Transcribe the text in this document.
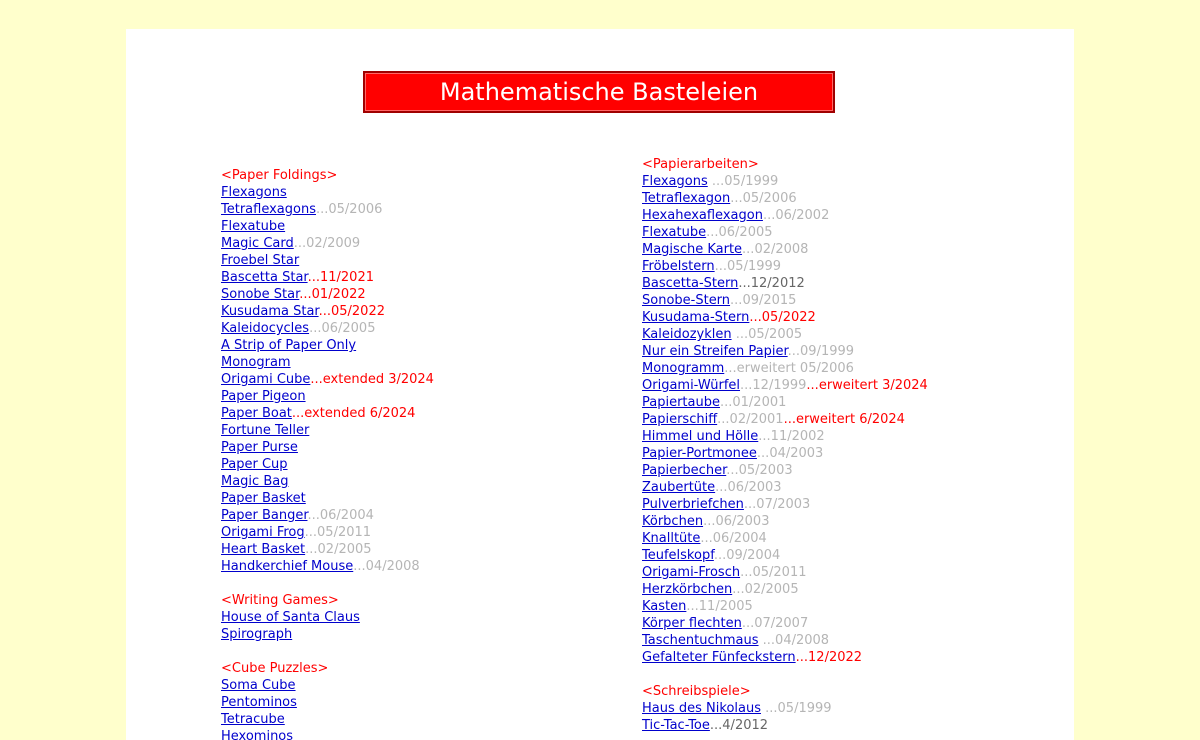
Mathematische Basteleien
<Paper Foldings>
Flexagons
Tetraflexagons...05/2006
Flexatube
Magic Card...02/2009
Froebel Star
Bascetta Star...11/2021
Sonobe Star...01/2022
Kusudama Star...05/2022
Kaleidocycles...06/2005
A Strip of Paper Only
Monogram
Origami Cube...extended 3/2024
Paper Pigeon
Paper Boat...extended 6/2024
Fortune Teller
Paper Purse
Paper Cup
Magic Bag
Paper Basket
Paper Banger...06/2004
Origami Frog...05/2011
Heart Basket...02/2005
Handkerchief Mouse...04/2008
<Writing Games>
House of Santa Claus
Spirograph
<Cube Puzzles>
Soma Cube
Pentominos
Tetracube
Hexominos
<Papierarbeiten>
Flexagons ...05/1999
Tetraflexagon...05/2006
Hexahexaflexagon...06/2002
Flexatube...06/2005
Magische Karte...02/2008
Fröbelstern...05/1999
Bascetta-Stern...12/2012
Sonobe-Stern...09/2015
Kusudama-Stern...05/2022
Kaleidozyklen ...05/2005
Nur ein Streifen Papier...09/1999
Monogramm...erweitert 05/2006
Origami-Würfel...12/1999...erweitert 3/2024
Papiertaube...01/2001
Papierschiff...02/2001...erweitert 6/2024
Himmel und Hölle...11/2002
Papier-Portmonee...04/2003
Papierbecher...05/2003
Zaubertüte...06/2003
Pulverbriefchen...07/2003
Körbchen...06/2003
Knalltüte...06/2004
Teufelskopf...09/2004
Origami-Frosch...05/2011
Herzkörbchen...02/2005
Kasten...11/2005
Körper flechten...07/2007
Taschentuchmaus ...04/2008
Gefalteter Fünfeckstern...12/2022
<Schreibspiele>
Haus des Nikolaus ...05/1999
Tic-Tac-Toe...4/2012
